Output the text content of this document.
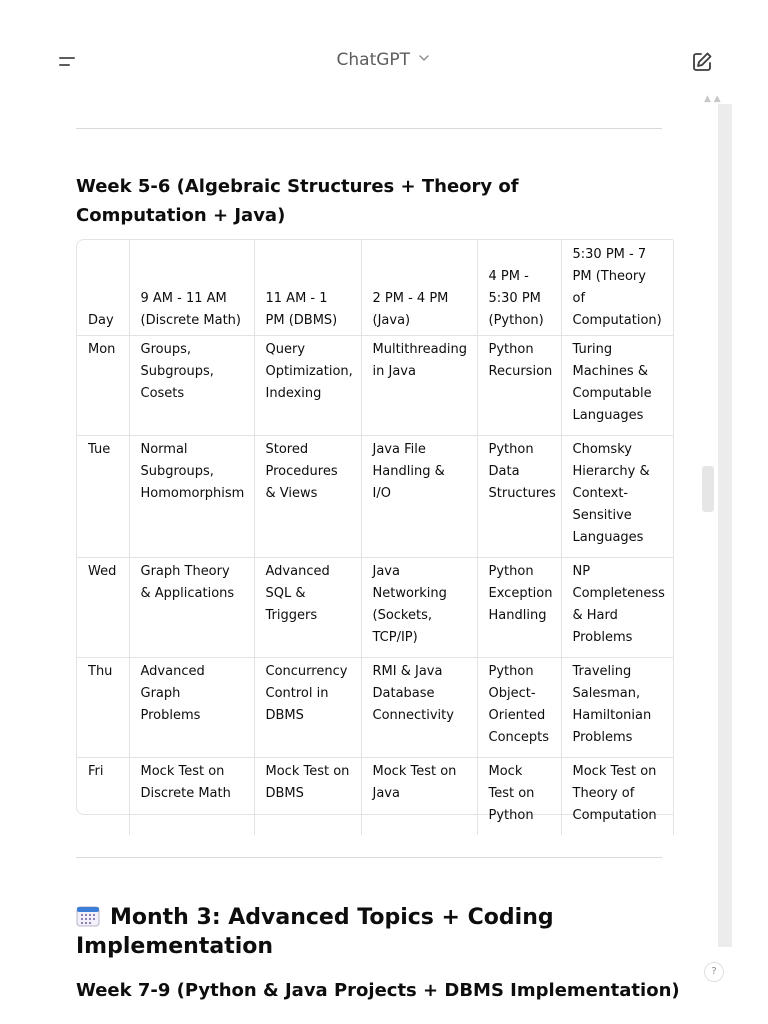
ChatGPT
Week 5-6 (Algebraic Structures + Theory of Computation + Java)
Day	9 AM - 11 AM (Discrete Math)	11 AM - 1 PM (DBMS)	2 PM - 4 PM (Java)	4 PM - 5:30 PM (Python)	5:30 PM - 7 PM (Theory of Computation)
Mon	Groups, Subgroups, Cosets	Query Optimization, Indexing	Multithreading in Java	Python Recursion	Turing Machines & Computable Languages
Tue	Normal Subgroups, Homomorphism	Stored Procedures & Views	Java File Handling & I/O	Python Data Structures	Chomsky Hierarchy & Context-Sensitive Languages
Wed	Graph Theory & Applications	Advanced SQL & Triggers	Java Networking (Sockets, TCP/IP)	Python Exception Handling	NP Completeness & Hard Problems
Thu	Advanced Graph Problems	Concurrency Control in DBMS	RMI & Java Database Connectivity	Python Object-Oriented Concepts	Traveling Salesman, Hamiltonian Problems
Fri	Mock Test on Discrete Math	Mock Test on DBMS	Mock Test on Java	Mock Test on Python	Mock Test on Theory of Computation
Month 3: Advanced Topics + Coding Implementation
Week 7-9 (Python & Java Projects + DBMS Implementation)
▲ ▲
?
